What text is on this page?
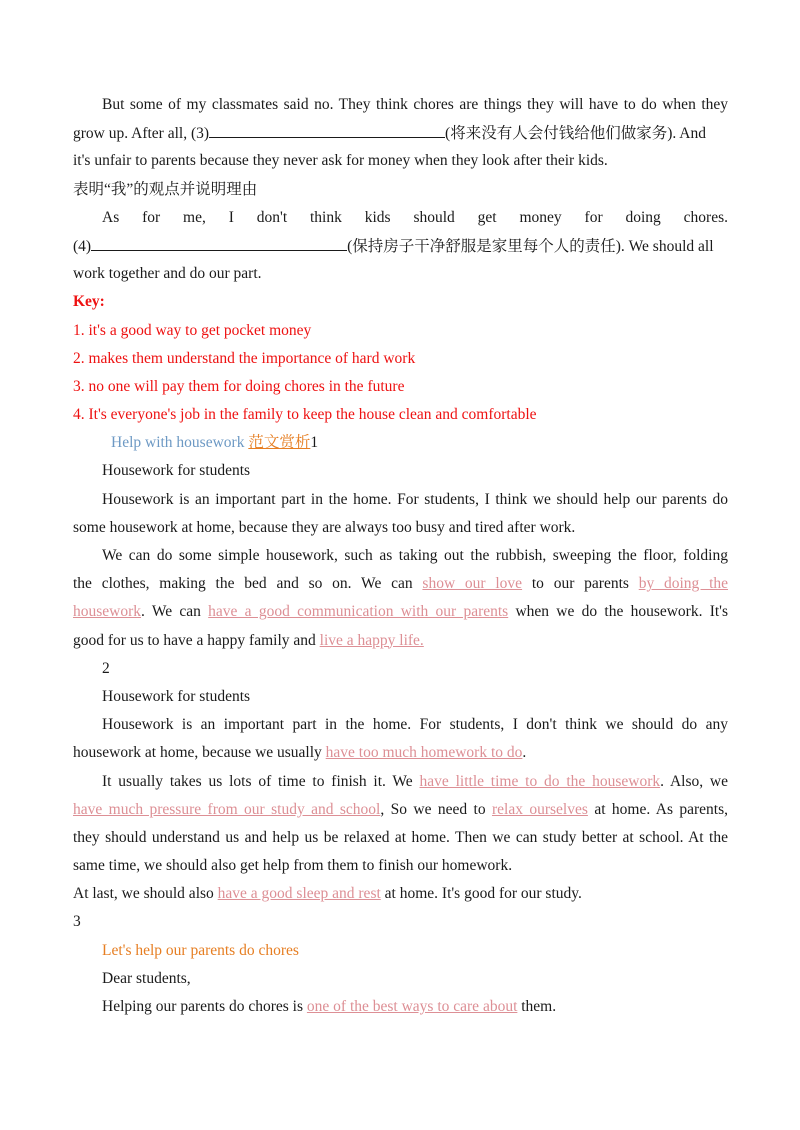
But some of my classmates said no. They think chores are things they will have to do when they
grow up. After all, (3)	(将来没有人会付钱给他们做家务). And
it's unfair to parents because they never ask for money when they look after their kids.
表明“我”的观点并说明理由
As for me, I don't think kids should get money for doing chores.
(4)	(保持房子干净舒服是家里每个人的责任). We should all
work together and do our part.
Key:
1. it's a good way to get pocket money
2. makes them understand the importance of hard work
3. no one will pay them for doing chores in the future
4. It's everyone's job in the family to keep the house clean and comfortable
Help with housework 范文赏析1
Housework for students
Housework is an important part in the home. For students, I think we should help our parents do
some housework at home, because they are always too busy and tired after work.
We can do some simple housework, such as taking out the rubbish, sweeping the floor, folding
the clothes, making the bed and so on. We can show our love to our parents by doing the
housework. We can have a good communication with our parents when we do the housework. It's
good for us to have a happy family and live a happy life.
2
Housework for students
Housework is an important part in the home. For students, I don't think we should do any
housework at home, because we usually have too much homework to do.
It usually takes us lots of time to finish it. We have little time to do the housework. Also, we
have much pressure from our study and school, So we need to relax ourselves at home. As parents,
they should understand us and help us be relaxed at home. Then we can study better at school. At the
same time, we should also get help from them to finish our homework.
At last, we should also have a good sleep and rest at home. It's good for our study.
3
Let's help our parents do chores
Dear students,
Helping our parents do chores is one of the best ways to care about them.
